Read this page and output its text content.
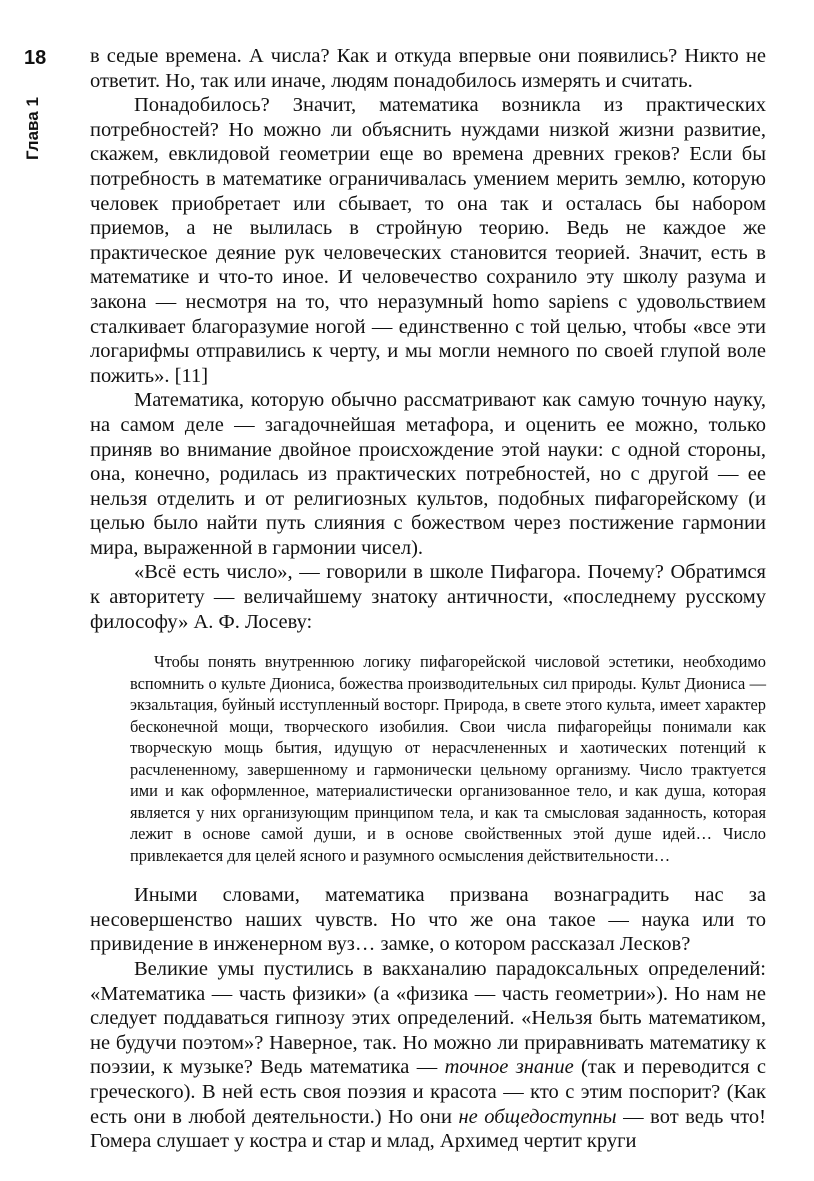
18
Глава 1

в седые времена. А числа? Как и откуда впервые они появились? Никто не ответит. Но, так или иначе, людям понадобилось измерять и считать.

Понадобилось? Значит, математика возникла из практических потребностей? Но можно ли объяснить нуждами низкой жизни развитие, скажем, евклидовой геометрии еще во времена древних греков? Если бы потребность в математике ограничивалась умением мерить землю, которую человек приобретает или сбывает, то она так и осталась бы набором приемов, а не вылилась в стройную теорию. Ведь не каждое же практическое деяние рук человеческих становится теорией. Значит, есть в математике и что-то иное. И человечество сохранило эту школу разума и закона — несмотря на то, что неразумный homo sapiens с удовольствием сталкивает благоразумие ногой — единственно с той целью, чтобы «все эти логарифмы отправились к черту, и мы могли немного по своей глупой воле пожить». [11]

Математика, которую обычно рассматривают как самую точную науку, на самом деле — загадочнейшая метафора, и оценить ее можно, только приняв во внимание двойное происхождение этой науки: с одной стороны, она, конечно, родилась из практических потребностей, но с другой — ее нельзя отделить и от религиозных культов, подобных пифагорейскому (и целью было найти путь слияния с божеством через постижение гармонии мира, выраженной в гармонии чисел).

«Всё есть число», — говорили в школе Пифагора. Почему? Обратимся к авторитету — величайшему знатоку античности, «последнему русскому философу» А. Ф. Лосеву:

Чтобы понять внутреннюю логику пифагорейской числовой эстетики, необходимо вспомнить о культе Диониса, божества производительных сил природы. Культ Диониса — экзальтация, буйный исступленный восторг. Природа, в свете этого культа, имеет характер бесконечной мощи, творческого изобилия. Свои числа пифагорейцы понимали как творческую мощь бытия, идущую от нерасчлененных и хаотических потенций к расчлененному, завершенному и гармонически цельному организму. Число трактуется ими и как оформленное, материалистически организованное тело, и как душа, которая является у них организующим принципом тела, и как та смысловая заданность, которая лежит в основе самой души, и в основе свойственных этой душе идей… Число привлекается для целей ясного и разумного осмысления действительности…

Иными словами, математика призвана вознаградить нас за несовершенство наших чувств. Но что же она такое — наука или то привидение в инженерном вуз… замке, о котором рассказал Лесков?

Великие умы пустились в вакханалию парадоксальных определений: «Математика — часть физики» (а «физика — часть геометрии»). Но нам не следует поддаваться гипнозу этих определений. «Нельзя быть математиком, не будучи поэтом»? Наверное, так. Но можно ли приравнивать математику к поэзии, к музыке? Ведь математика — точное знание (так и переводится с греческого). В ней есть своя поэзия и красота — кто с этим поспорит? (Как есть они в любой деятельности.) Но они не общедоступны — вот ведь что! Гомера слушает у костра и стар и млад, Архимед чертит круги
